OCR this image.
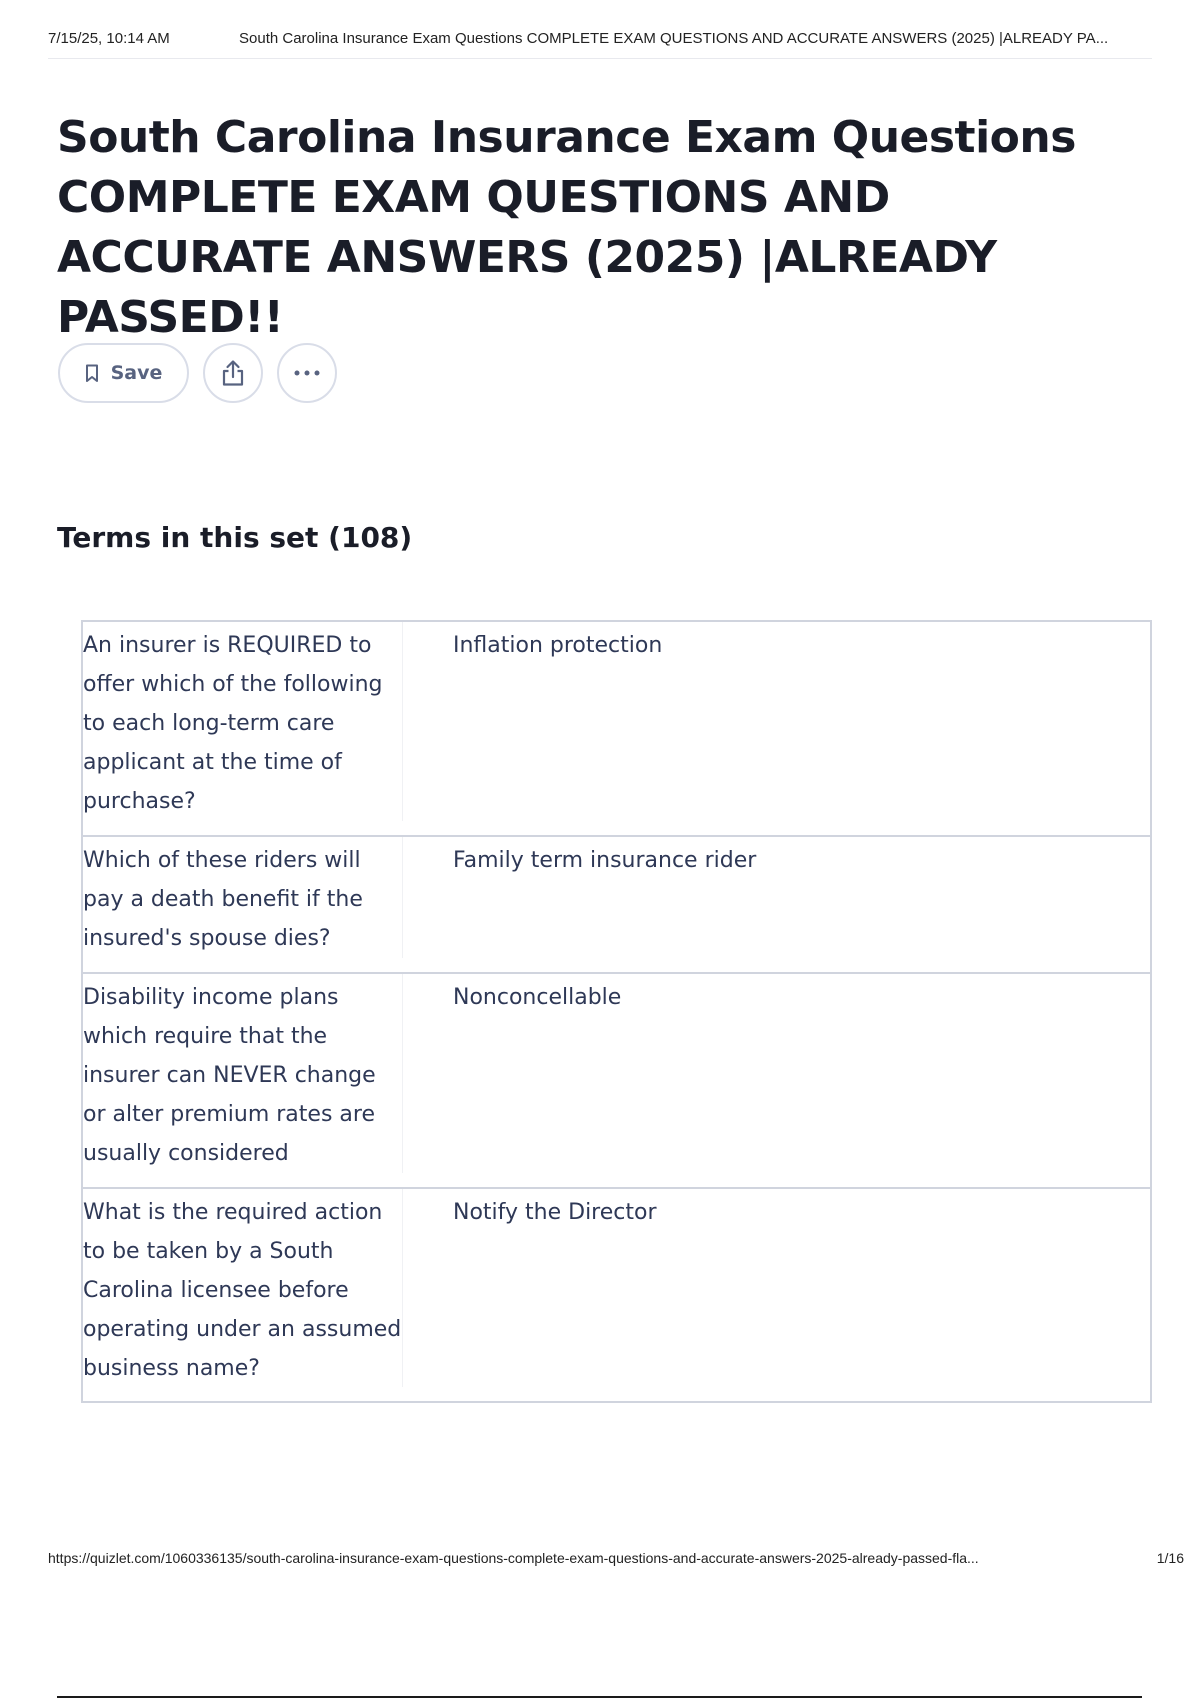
7/15/25, 10:14 AM	South Carolina Insurance Exam Questions COMPLETE EXAM QUESTIONS AND ACCURATE ANSWERS (2025) |ALREADY PA...
South Carolina Insurance Exam Questions COMPLETE EXAM QUESTIONS AND ACCURATE ANSWERS (2025) |ALREADY PASSED!!
Save
Terms in this set (108)
An insurer is REQUIRED to offer which of the following to each long-term care applicant at the time of purchase?
Inflation protection
Which of these riders will pay a death benefit if the insured's spouse dies?
Family term insurance rider
Disability income plans which require that the insurer can NEVER change or alter premium rates are usually considered
Nonconcellable
What is the required action to be taken by a South Carolina licensee before operating under an assumed business name?
Notify the Director
https://quizlet.com/1060336135/south-carolina-insurance-exam-questions-complete-exam-questions-and-accurate-answers-2025-already-passed-fla...	1/16
